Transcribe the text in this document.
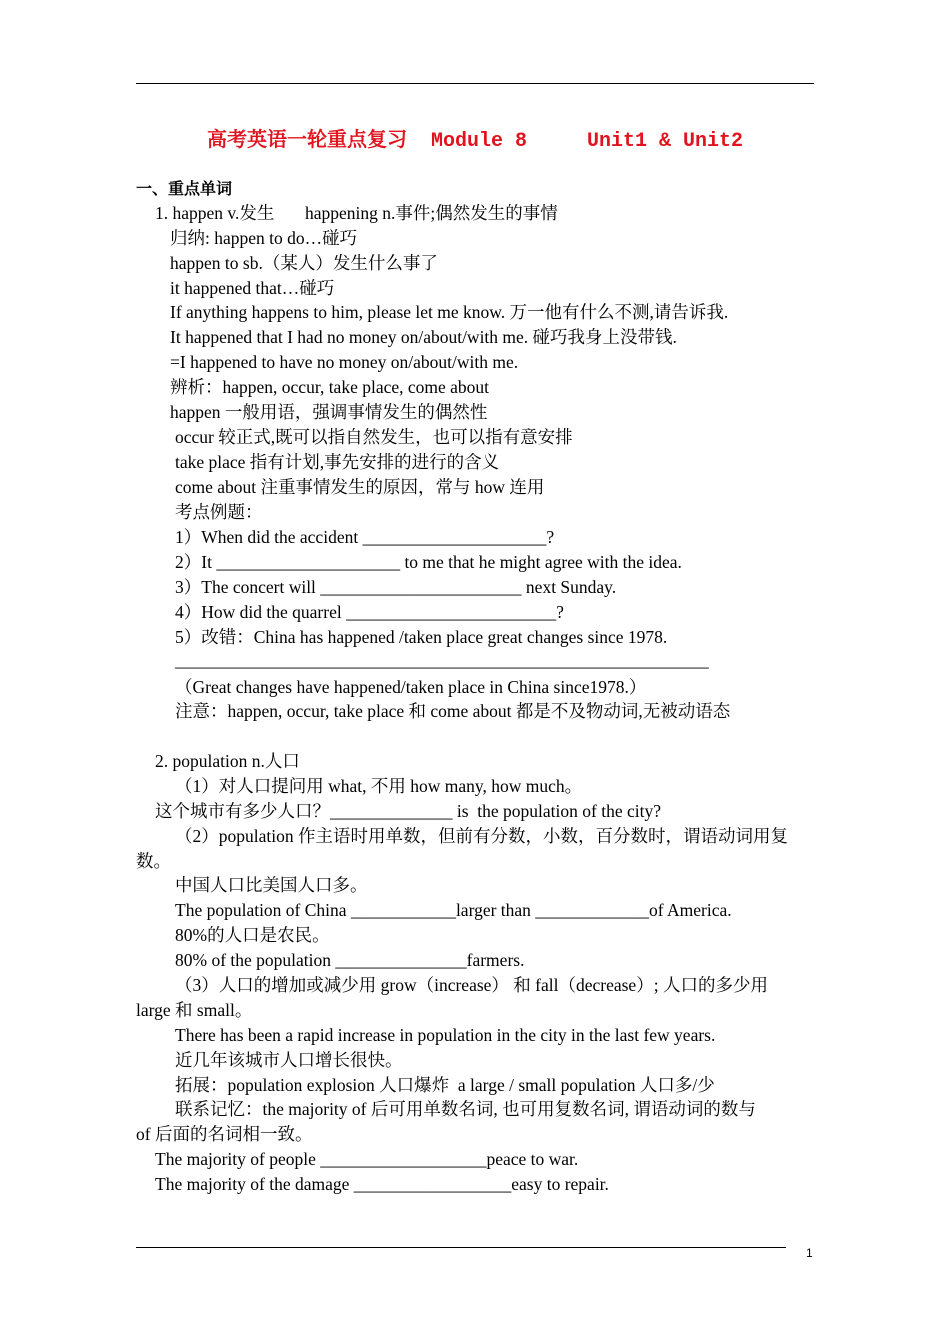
高考英语一轮重点复习  Module 8     Unit1 & Unit2
一、重点单词
1. happen v.发生       happening n.事件;偶然发生的事情
归纳: happen to do…碰巧
happen to sb.（某人）发生什么事了
it happened that…碰巧
If anything happens to him, please let me know. 万一他有什么不测,请告诉我.
It happened that I had no money on/about/with me. 碰巧我身上没带钱.
=I happened to have no money on/about/with me.
辨析：happen, occur, take place, come about
happen 一般用语，强调事情发生的偶然性
occur 较正式,既可以指自然发生，也可以指有意安排
take place 指有计划,事先安排的进行的含义
come about 注重事情发生的原因，常与 how 连用
考点例题：
1）When did the accident _____________________?
2）It _____________________ to me that he might agree with the idea.
3）The concert will _______________________ next Sunday.
4）How did the quarrel ________________________?
5）改错：China has happened /taken place great changes since 1978.
_____________________________________________________________
（Great changes have happened/taken place in China since1978.）
注意：happen, occur, take place 和 come about 都是不及物动词,无被动语态
2. population n.人口
（1）对人口提问用 what, 不用 how many, how much。
这个城市有多少人口？______________ is  the population of the city?
（2）population 作主语时用单数，但前有分数，小数，百分数时，谓语动词用复
数。
中国人口比美国人口多。
The population of China ____________larger than _____________of America.
80%的人口是农民。
80% of the population _______________farmers.
（3）人口的增加或减少用 grow（increase） 和 fall（decrease）; 人口的多少用
large 和 small。
There has been a rapid increase in population in the city in the last few years.
近几年该城市人口增长很快。
拓展：population explosion 人口爆炸  a large / small population 人口多/少
联系记忆：the majority of 后可用单数名词, 也可用复数名词, 谓语动词的数与
of 后面的名词相一致。
The majority of people ___________________peace to war.
The majority of the damage __________________easy to repair.
1
